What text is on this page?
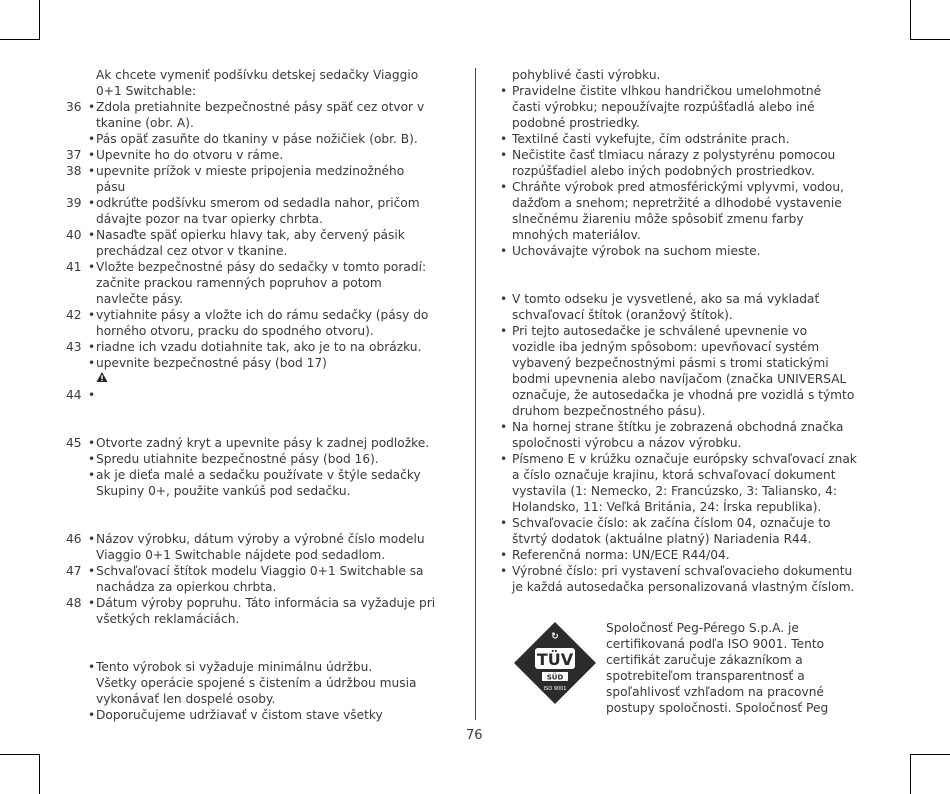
Ak chcete vymeniť podšívku detskej sedačky Viaggio
0+1 Switchable:
36 • Zdola pretiahnite bezpečnostné pásy späť cez otvor v
tkanine (obr. A).
• Pás opäť zasuňte do tkaniny v páse nožičiek (obr. B).
37 • Upevnite ho do otvoru v ráme.
38 • upevnite prížok v mieste pripojenia medzinožného
pásu
39 • odkrúťte podšívku smerom od sedadla nahor, pričom
dávajte pozor na tvar opierky chrbta.
40 • Nasaďte späť opierku hlavy tak, aby červený pásik
prechádzal cez otvor v tkanine.
41 • Vložte bezpečnostné pásy do sedačky v tomto poradí:
začnite prackou ramenných popruhov a potom
navlečte pásy.
42 • vytiahnite pásy a vložte ich do rámu sedačky (pásy do
horného otvoru, pracku do spodného otvoru).
43 • riadne ich vzadu dotiahnite tak, ako je to na obrázku.
• upevnite bezpečnostné pásy (bod 17)
44 •

45 • Otvorte zadný kryt a upevnite pásy k zadnej podložke.
• Spredu utiahnite bezpečnostné pásy (bod 16).
• ak je dieťa malé a sedačku používate v štýle sedačky
Skupiny 0+, použite vankúš pod sedačku.
46 • Názov výrobku, dátum výroby a výrobné číslo modelu
Viaggio 0+1 Switchable nájdete pod sedadlom.
47 • Schvaľovací štítok modelu Viaggio 0+1 Switchable sa
nachádza za opierkou chrbta.
48 • Dátum výroby popruhu. Táto informácia sa vyžaduje pri
všetkých reklamáciách.
• Tento výrobok si vyžaduje minimálnu údržbu.
Všetky operácie spojené s čistením a údržbou musia
vykonávať len dospelé osoby.
• Doporučujeme udržiavať v čistom stave všetky
pohyblivé časti výrobku.
• Pravidelne čistite vlhkou handričkou umelohmotné
časti výrobku; nepoužívajte rozpúšťadlá alebo iné
podobné prostriedky.
• Textilné časti vykefujte, čím odstránite prach.
• Nečistite časť tlmiacu nárazy z polystyrénu pomocou
rozpúšťadiel alebo iných podobných prostriedkov.
• Chráňte výrobok pred atmosférickými vplyvmi, vodou,
dažďom a snehom; nepretržité a dlhodobé vystavenie
slnečnému žiareniu môže spôsobiť zmenu farby
mnohých materiálov.
• Uchovávajte výrobok na suchom mieste.
• V tomto odseku je vysvetlené, ako sa má vykladať
schvaľovací štítok (oranžový štítok).
• Pri tejto autosedačke je schválené upevnenie vo
vozidle iba jedným spôsobom: upevňovací systém
vybavený bezpečnostnými pásmi s tromi statickými
bodmi upevnenia alebo navíjačom (značka UNIVERSAL
označuje, že autosedačka je vhodná pre vozidlá s týmto
druhom bezpečnostného pásu).
• Na hornej strane štítku je zobrazená obchodná značka
spoločnosti výrobcu a názov výrobku.
• Písmeno E v krúžku označuje európsky schvaľovací znak
a číslo označuje krajinu, ktorá schvaľovací dokument
vystavila (1: Nemecko, 2: Francúzsko, 3: Taliansko, 4:
Holandsko, 11: Veľká Británia, 24: Írska republika).
• Schvaľovacie číslo: ak začína číslom 04, označuje to
štvrtý dodatok (aktuálne platný) Nariadenia R44.
• Referenčná norma: UN/ECE R44/04.
• Výrobné číslo: pri vystavení schvaľovacieho dokumentu
je každá autosedačka personalizovaná vlastným číslom.
↻
TÜV
SÜD
ISO 9001
Spoločnosť Peg-Pérego S.p.A. je
certifikovaná podľa ISO 9001. Tento
certifikát zaručuje zákazníkom a
spotrebiteľom transparentnosť a
spoľahlivosť vzhľadom na pracovné
postupy spoločnosti. Spoločnosť Peg
76
